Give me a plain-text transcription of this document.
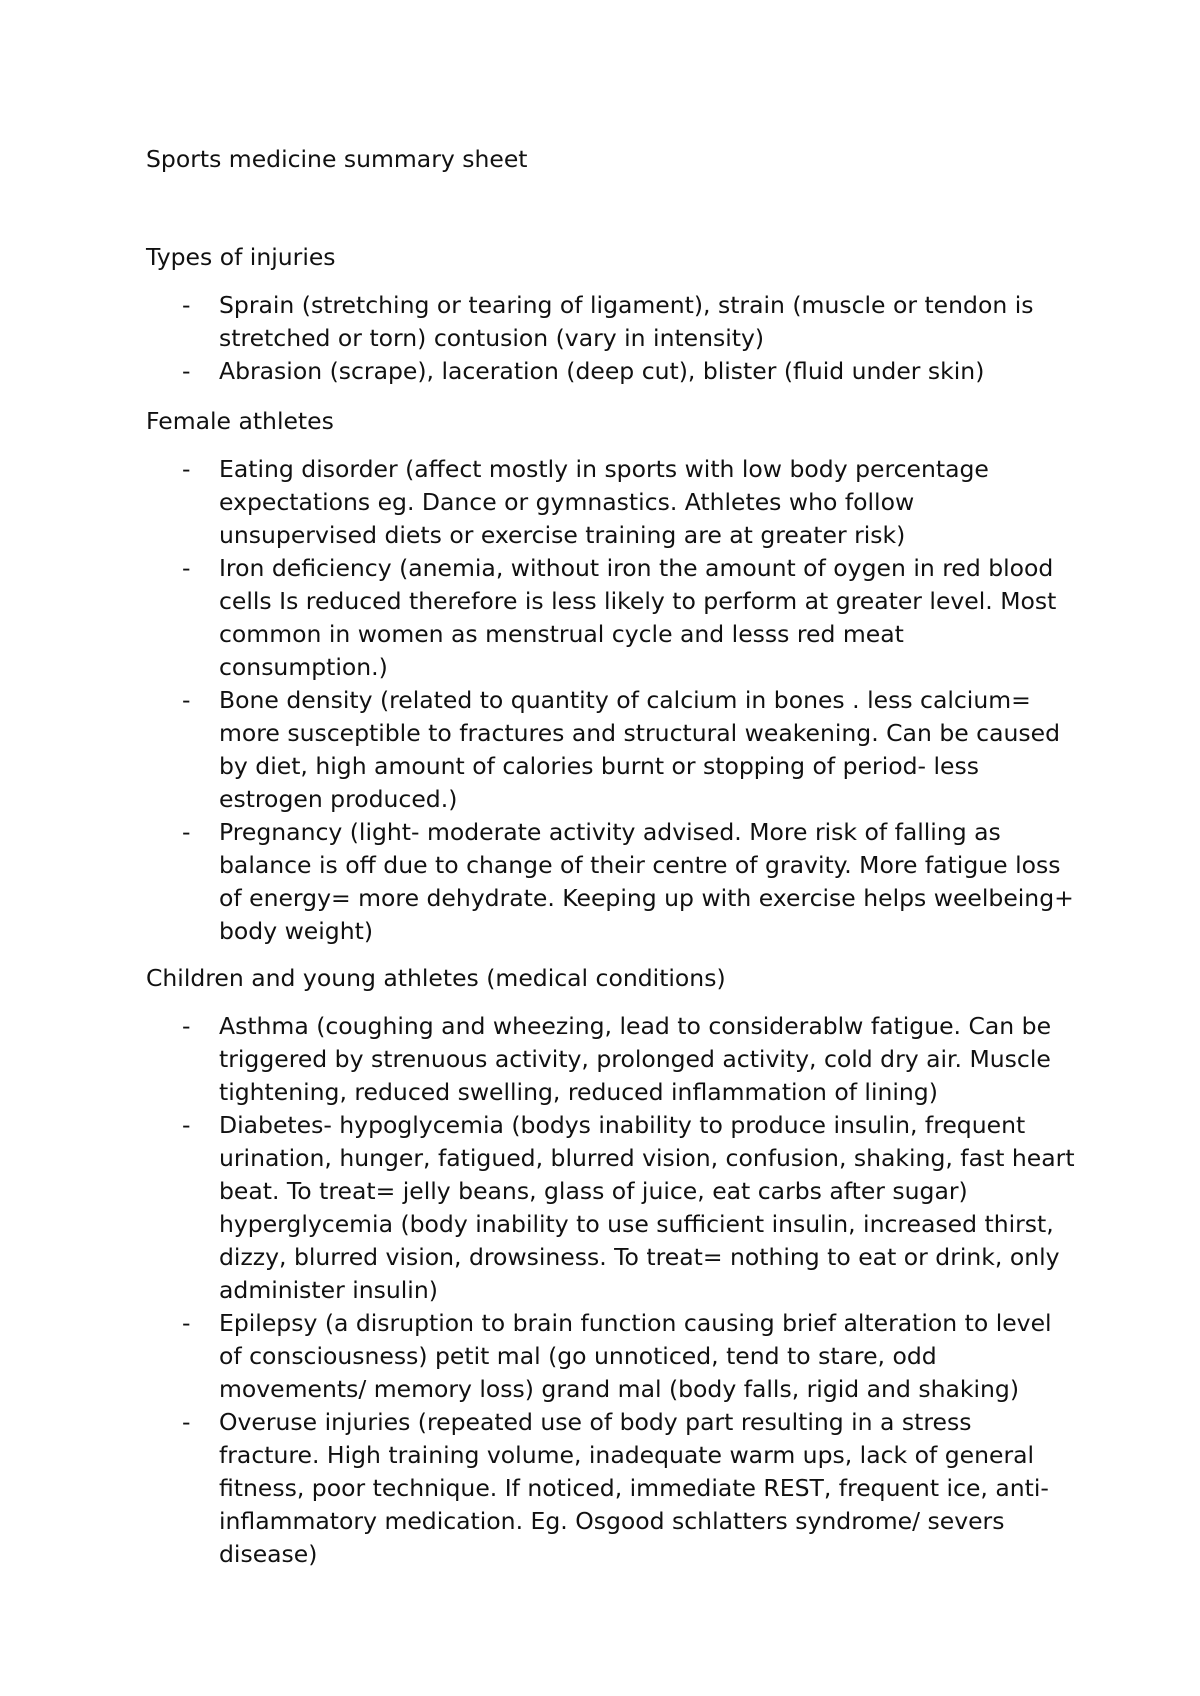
Sports medicine summary sheet
Types of injuries
- Sprain (stretching or tearing of ligament), strain (muscle or tendon is stretched or torn) contusion (vary in intensity)
- Abrasion (scrape), laceration (deep cut), blister (fluid under skin)
Female athletes
- Eating disorder (affect mostly in sports with low body percentage expectations eg. Dance or gymnastics. Athletes who follow unsupervised diets or exercise training are at greater risk)
- Iron deficiency (anemia, without iron the amount of oygen in red blood cells Is reduced therefore is less likely to perform at greater level. Most common in women as menstrual cycle and lesss red meat consumption.)
- Bone density (related to quantity of calcium in bones . less calcium= more susceptible to fractures and structural weakening. Can be caused by diet, high amount of calories burnt or stopping of period- less estrogen produced.)
- Pregnancy (light- moderate activity advised. More risk of falling as balance is off due to change of their centre of gravity. More fatigue loss of energy= more dehydrate. Keeping up with exercise helps weelbeing+ body weight)
Children and young athletes (medical conditions)
- Asthma (coughing and wheezing, lead to considerablw fatigue. Can be triggered by strenuous activity, prolonged activity, cold dry air. Muscle tightening, reduced swelling, reduced inflammation of lining)
- Diabetes- hypoglycemia (bodys inability to produce insulin, frequent urination, hunger, fatigued, blurred vision, confusion, shaking, fast heart beat. To treat= jelly beans, glass of juice, eat carbs after sugar) hyperglycemia (body inability to use sufficient insulin, increased thirst, dizzy, blurred vision, drowsiness. To treat= nothing to eat or drink, only administer insulin)
- Epilepsy (a disruption to brain function causing brief alteration to level of consciousness) petit mal (go unnoticed, tend to stare, odd movements/ memory loss) grand mal (body falls, rigid and shaking)
- Overuse injuries (repeated use of body part resulting in a stress fracture. High training volume, inadequate warm ups, lack of general fitness, poor technique. If noticed, immediate REST, frequent ice, anti-inflammatory medication. Eg. Osgood schlatters syndrome/ severs disease)
